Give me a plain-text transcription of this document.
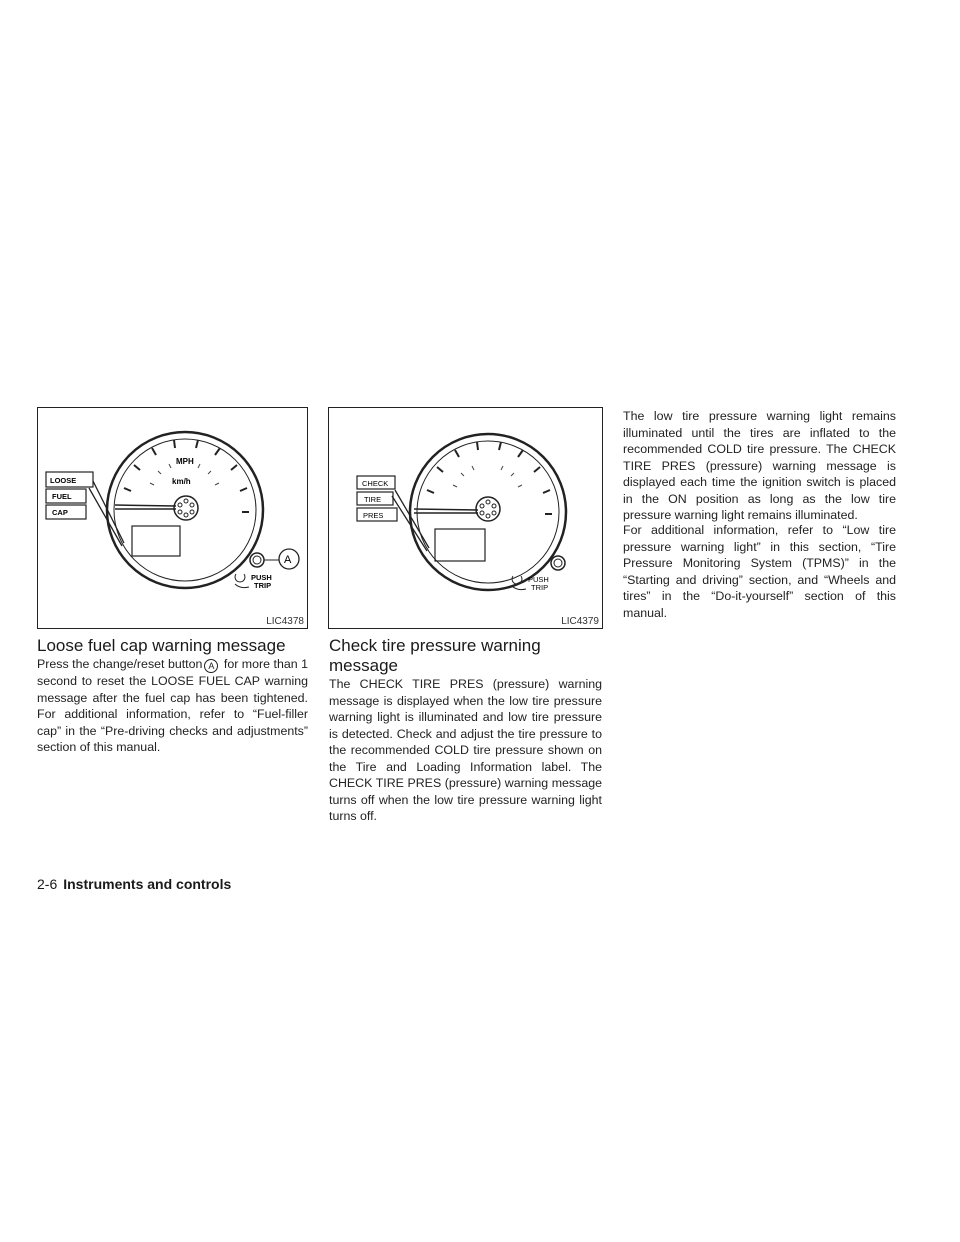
MPH
km/h
LOOSE
FUEL
CAP
A
PUSH
TRIP
LIC4378
CHECK
TIRE
PRES
PUSH
TRIP
LIC4379
Loose fuel cap warning message

Press the change/reset button A for more than 1 second to reset the LOOSE FUEL CAP warning message after the fuel cap has been tightened. For additional information, refer to “Fuel-filler cap” in the “Pre-driving checks and adjustments” section of this manual.

Check tire pressure warning message

The CHECK TIRE PRES (pressure) warning message is displayed when the low tire pressure warning light is illuminated and low tire pressure is detected. Check and adjust the tire pressure to the recommended COLD tire pressure shown on the Tire and Loading Information label. The CHECK TIRE PRES (pressure) warning message turns off when the low tire pressure warning light turns off.

The low tire pressure warning light remains illuminated until the tires are inflated to the recommended COLD tire pressure. The CHECK TIRE PRES (pressure) warning message is displayed each time the ignition switch is placed in the ON position as long as the low tire pressure warning light remains illuminated.

For additional information, refer to “Low tire pressure warning light” in this section, “Tire Pressure Monitoring System (TPMS)” in the “Starting and driving” section, and “Wheels and tires” in the “Do-it-yourself” section of this manual.

2-6 Instruments and controls
